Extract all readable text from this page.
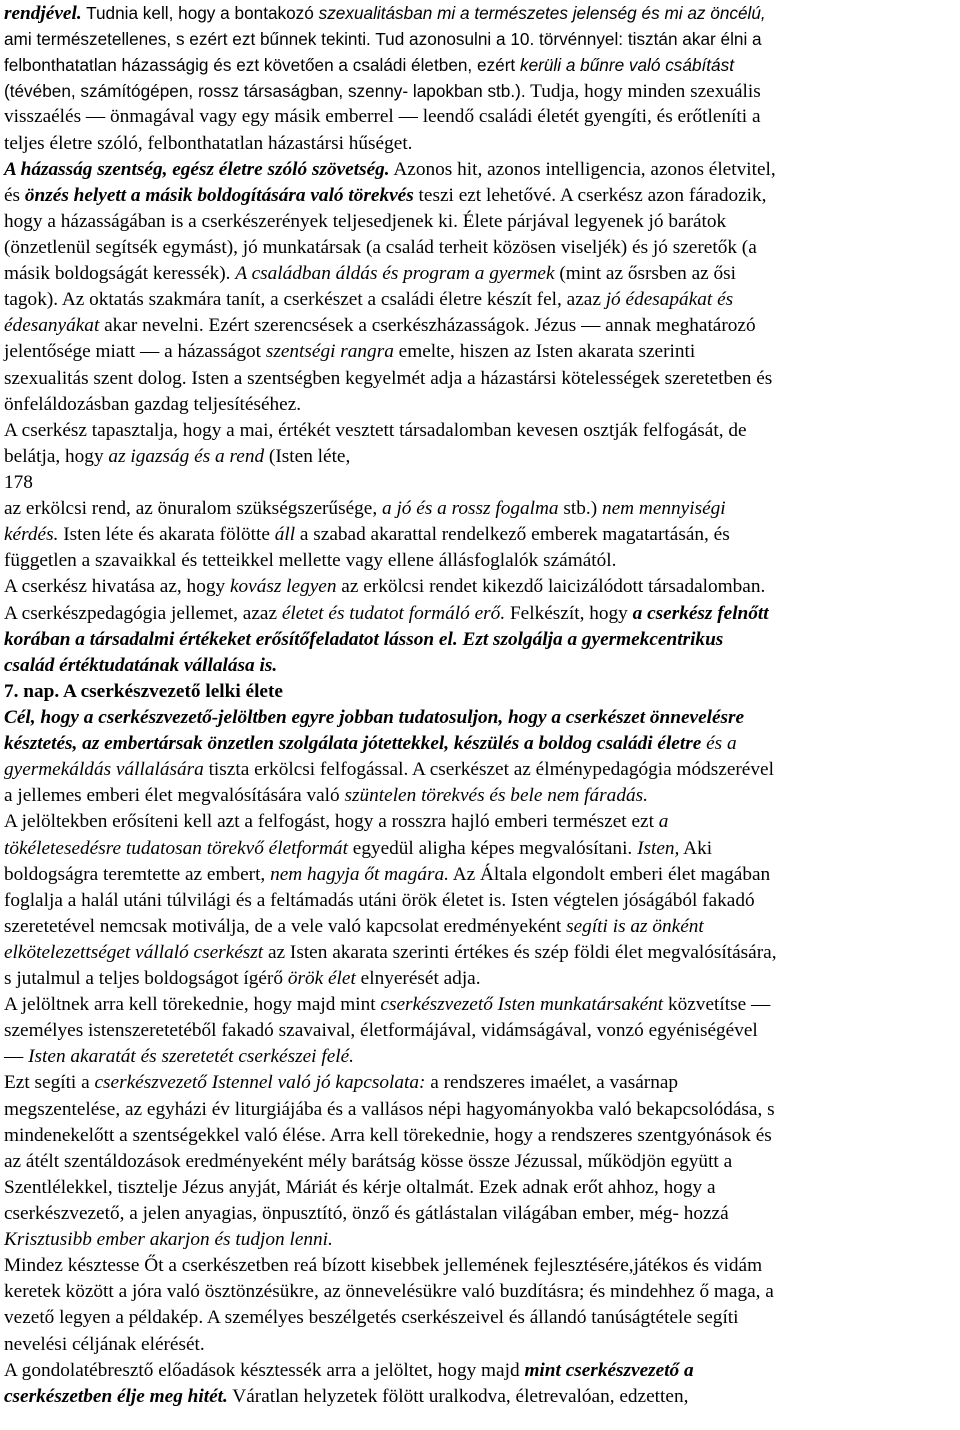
rendjével. Tudnia kell, hogy a bontakozó szexualitásban mi a természetes jelenség és mi az öncélú,
ami természetellenes, s ezért ezt bűnnek tekinti. Tud azonosulni a 10. törvénnyel: tisztán akar élni a
felbonthatatlan házasságig és ezt követően a családi életben, ezért kerüli a bűnre való csábítást
(tévében, számítógépen, rossz társaságban, szenny- lapokban stb.). Tudja, hogy minden szexuális
visszaélés — önmagával vagy egy másik emberrel — leendő családi életét gyengíti, és erőtleníti a
teljes életre szóló, felbonthatatlan házastársi hűséget.
A házasság szentség, egész életre szóló szövetség. Azonos hit, azonos intelligencia, azonos életvitel,
és önzés helyett a másik boldogítására való törekvés teszi ezt lehetővé. A cserkész azon fáradozik,
hogy a házasságában is a cserkészerények teljesedjenek ki. Élete párjával legyenek jó barátok
(önzetlenül segítsék egymást), jó munkatársak (a család terheit közösen viseljék) és jó szeretők (a
másik boldogságát keressék). A családban áldás és program a gyermek (mint az ősrsben az ősi
tagok). Az oktatás szakmára tanít, a cserkészet a családi életre készít fel, azaz jó édesapákat és
édesanyákat akar nevelni. Ezért szerencsések a cserkészházasságok. Jézus — annak meghatározó
jelentősége miatt — a házasságot szentségi rangra emelte, hiszen az Isten akarata szerinti
szexualitás szent dolog. Isten a szentségben kegyelmét adja a házastársi kötelességek szeretetben és
önfeláldozásban gazdag teljesítéséhez.
A cserkész tapasztalja, hogy a mai, értékét vesztett társadalomban kevesen osztják felfogását, de
belátja, hogy az igazság és a rend (Isten léte,
178
az erkölcsi rend, az önuralom szükségszerűsége, a jó és a rossz fogalma stb.) nem mennyiségi
kérdés. Isten léte és akarata fölötte áll a szabad akarattal rendelkező emberek magatartásán, és
független a szavaikkal és tetteikkel mellette vagy ellene állásfoglalók számától.
A cserkész hivatása az, hogy kovász legyen az erkölcsi rendet kikezdő laicizálódott társadalomban.
A cserkészpedagógia jellemet, azaz életet és tudatot formáló erő. Felkészít, hogy a cserkész felnőtt
korában a társadalmi értékeket erősítőfeladatot lásson el. Ezt szolgálja a gyermekcentrikus
család értéktudatának vállalása is.
7. nap. A cserkészvezető lelki élete
Cél, hogy a cserkészvezető-jelöltben egyre jobban tudatosuljon, hogy a cserkészet önnevelésre
késztetés, az embertársak önzetlen szolgálata jótettekkel, készülés a boldog családi életre és a
gyermekáldás vállalására tiszta erkölcsi felfogással. A cserkészet az élménypedagógia módszerével
a jellemes emberi élet megvalósítására való szüntelen törekvés és bele nem fáradás.
A jelöltekben erősíteni kell azt a felfogást, hogy a rosszra hajló emberi természet ezt a
tökéletesedésre tudatosan törekvő életformát egyedül aligha képes megvalósítani. Isten, Aki
boldogságra teremtette az embert, nem hagyja őt magára. Az Általa elgondolt emberi élet magában
foglalja a halál utáni túlvilági és a feltámadás utáni örök életet is. Isten végtelen jóságából fakadó
szeretetével nemcsak motiválja, de a vele való kapcsolat eredményeként segíti is az önként
elkötelezettséget vállaló cserkészt az Isten akarata szerinti értékes és szép földi élet megvalósítására,
s jutalmul a teljes boldogságot ígérő örök élet elnyerését adja.
A jelöltnek arra kell törekednie, hogy majd mint cserkészvezető Isten munkatársaként közvetítse —
személyes istenszeretetéből fakadó szavaival, életformájával, vidámságával, vonzó egyéniségével
— Isten akaratát és szeretetét cserkészei felé.
Ezt segíti a cserkészvezető Istennel való jó kapcsolata: a rendszeres imaélet, a vasárnap
megszentelése, az egyházi év liturgiájába és a vallásos népi hagyományokba való bekapcsolódása, s
mindenekelőtt a szentségekkel való élése. Arra kell törekednie, hogy a rendszeres szentgyónások és
az átélt szentáldozások eredményeként mély barátság kösse össze Jézussal, működjön együtt a
Szentlélekkel, tisztelje Jézus anyját, Máriát és kérje oltalmát. Ezek adnak erőt ahhoz, hogy a
cserkészvezető, a jelen anyagias, önpusztító, önző és gátlástalan világában ember, még- hozzá
Krisztusibb ember akarjon és tudjon lenni.
Mindez késztesse Őt a cserkészetben reá bízott kisebbek jellemének fejlesztésére,játékos és vidám
keretek között a jóra való ösztönzésükre, az önnevelésükre való buzdításra; és mindehhez ő maga, a
vezető legyen a példakép. A személyes beszélgetés cserkészeivel és állandó tanúságtétele segíti
nevelési céljának elérését.
A gondolatébresztő előadások késztessék arra a jelöltet, hogy majd mint cserkészvezető a
cserkészetben élje meg hitét. Váratlan helyzetek fölött uralkodva, életrevalóan, edzetten,
